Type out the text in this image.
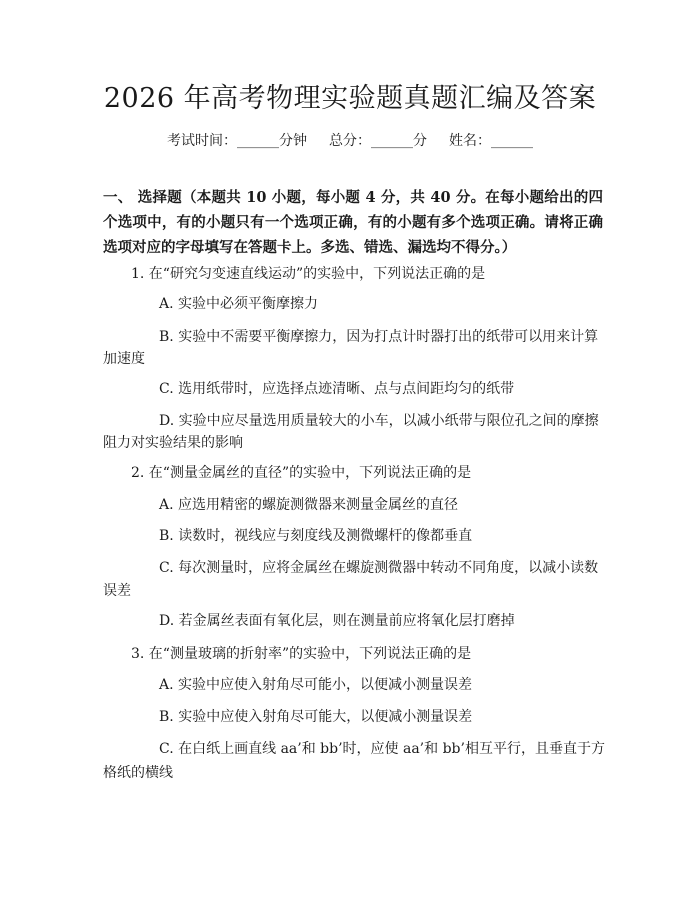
2026 年高考物理实验题真题汇编及答案
考试时间：______分钟 总分：______分 姓名：______
一、 选择题（本题共 10 小题，每小题 4 分，共 40 分。在每小题给出的四个选项中，有的小题只有一个选项正确，有的小题有多个选项正确。请将正确选项对应的字母填写在答题卡上。多选、错选、漏选均不得分。）
1. 在“研究匀变速直线运动”的实验中，下列说法正确的是
A. 实验中必须平衡摩擦力
B. 实验中不需要平衡摩擦力，因为打点计时器打出的纸带可以用来计算
加速度
C. 选用纸带时，应选择点迹清晰、点与点间距均匀的纸带
D. 实验中应尽量选用质量较大的小车，以减小纸带与限位孔之间的摩擦
阻力对实验结果的影响
2. 在“测量金属丝的直径”的实验中，下列说法正确的是
A. 应选用精密的螺旋测微器来测量金属丝的直径
B. 读数时，视线应与刻度线及测微螺杆的像都垂直
C. 每次测量时，应将金属丝在螺旋测微器中转动不同角度，以减小读数
误差
D. 若金属丝表面有氧化层，则在测量前应将氧化层打磨掉
3. 在“测量玻璃的折射率”的实验中，下列说法正确的是
A. 实验中应使入射角尽可能小，以便减小测量误差
B. 实验中应使入射角尽可能大，以便减小测量误差
C. 在白纸上画直线 aa’和 bb’时，应使 aa’和 bb’相互平行，且垂直于方
格纸的横线
